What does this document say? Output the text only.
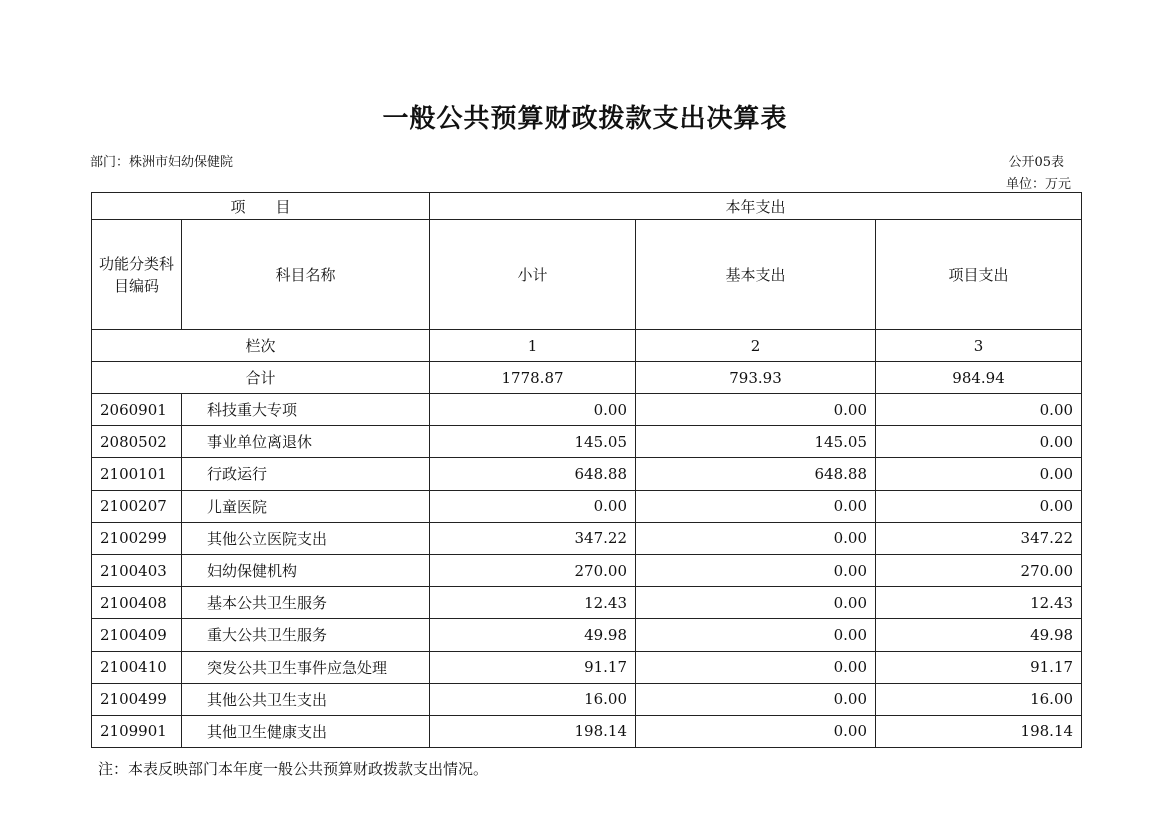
一般公共预算财政拨款支出决算表
部门：株洲市妇幼保健院	公开05表
单位：万元
项　　目		本年支出		
功能分类科目编码	科目名称	小计	基本支出	项目支出
栏次		1	2	3
合计		1778.87	793.93	984.94
2060901	科技重大专项	0.00	0.00	0.00
2080502	事业单位离退休	145.05	145.05	0.00
2100101	行政运行	648.88	648.88	0.00
2100207	儿童医院	0.00	0.00	0.00
2100299	其他公立医院支出	347.22	0.00	347.22
2100403	妇幼保健机构	270.00	0.00	270.00
2100408	基本公共卫生服务	12.43	0.00	12.43
2100409	重大公共卫生服务	49.98	0.00	49.98
2100410	突发公共卫生事件应急处理	91.17	0.00	91.17
2100499	其他公共卫生支出	16.00	0.00	16.00
2109901	其他卫生健康支出	198.14	0.00	198.14
注：本表反映部门本年度一般公共预算财政拨款支出情况。
